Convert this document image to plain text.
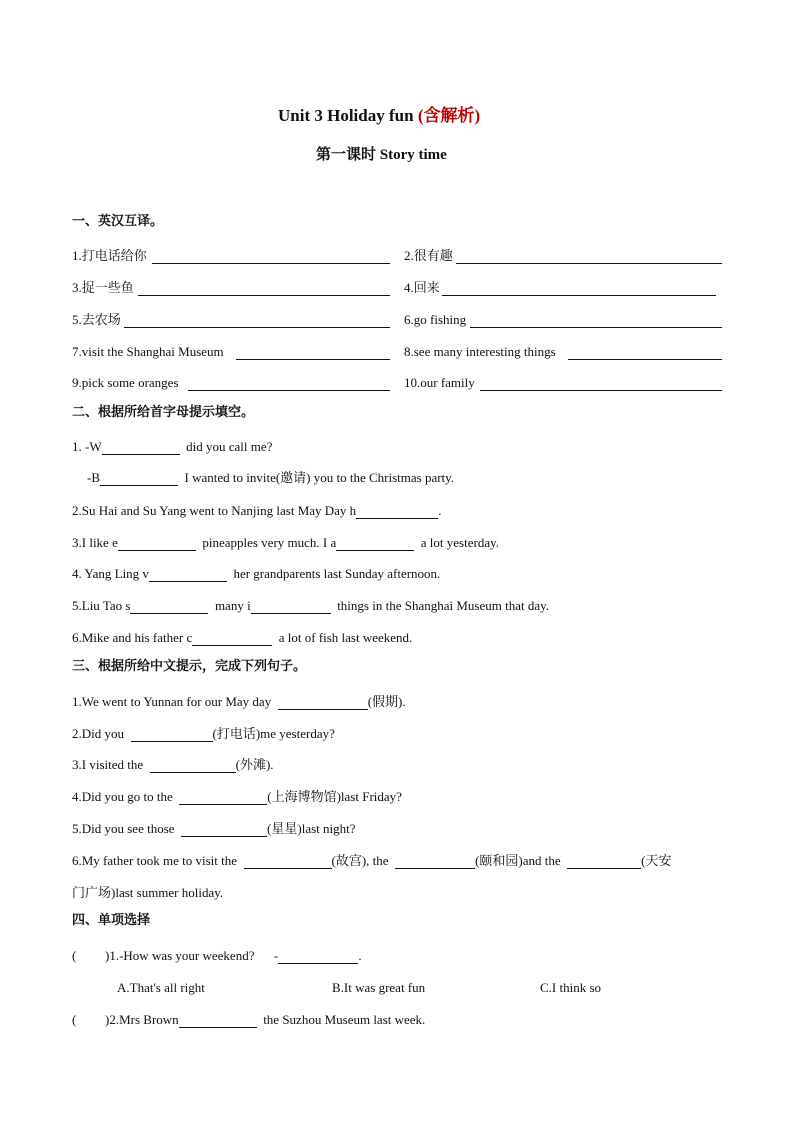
Unit 3 Holiday fun (含解析)
第一课时 Story time
一、英汉互译。
1.打电话给你	2.很有趣
3.捉一些鱼	4.回来
5.去农场	6.go fishing
7.visit the Shanghai Museum	8.see many interesting things
9.pick some oranges	10.our family
二、根据所给首字母提示填空。
1. -W	did you call me?
-B	I wanted to invite(邀请) you to the Christmas party.
2.Su Hai and Su Yang went to Nanjing last May Day h	.
3.I like e	pineapples very much. I a	a lot yesterday.
4. Yang Ling v	her grandparents last Sunday afternoon.
5.Liu Tao s	many i	things in the Shanghai Museum that day.
6.Mike and his father c	a lot of fish last weekend.
三、根据所给中文提示，完成下列句子。
1.We went to Yunnan for our May day	(假期).
2.Did you	(打电话)me yesterday?
3.I visited the	(外滩).
4.Did you go to the	(上海博物馆)last Friday?
5.Did you see those	(星星)last night?
6.My father took me to visit the	(故宫), the	(颐和园)and the	(天安
门广场)last summer holiday.
四、单项选择
( )1.-How was your weekend? -	.
A.That's all right	B.It was great fun	C.I think so
( )2.Mrs Brown	the Suzhou Museum last week.
